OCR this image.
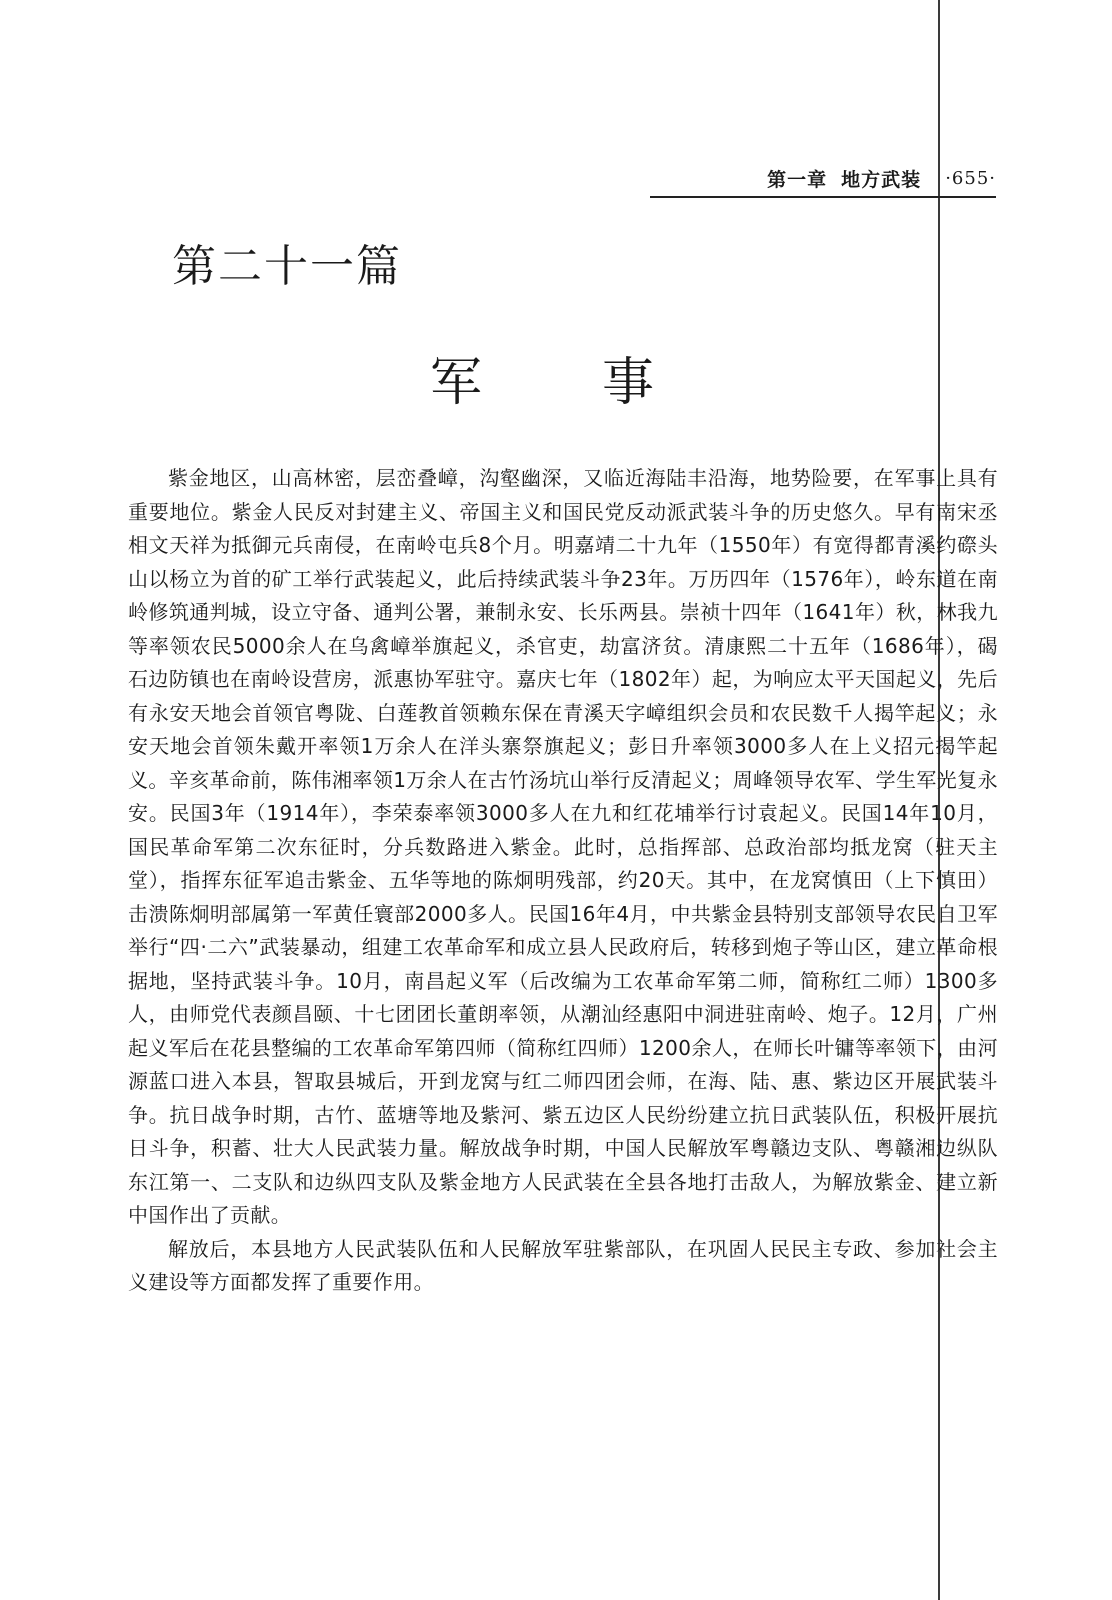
第一章 地方武装 ·655·
第二十一篇
军事

紫金地区，山高林密，层峦叠嶂，沟壑幽深，又临近海陆丰沿海，地势险要，在军事上具有重要地位。紫金人民反对封建主义、帝国主义和国民党反动派武装斗争的历史悠久。早有南宋丞相文天祥为抵御元兵南侵，在南岭屯兵8个月。明嘉靖二十九年（1550年）有宽得都青溪约磜头山以杨立为首的矿工举行武装起义，此后持续武装斗争23年。万历四年（1576年），岭东道在南岭修筑通判城，设立守备、通判公署，兼制永安、长乐两县。崇祯十四年（1641年）秋，林我九等率领农民5000余人在乌禽嶂举旗起义，杀官吏，劫富济贫。清康熙二十五年（1686年），碣石边防镇也在南岭设营房，派惠协军驻守。嘉庆七年（1802年）起，为响应太平天国起义，先后有永安天地会首领官粤陇、白莲教首领赖东保在青溪天字嶂组织会员和农民数千人揭竿起义；永安天地会首领朱戴开率领1万余人在洋头寨祭旗起义；彭日升率领3000多人在上义招元揭竿起义。辛亥革命前，陈伟湘率领1万余人在古竹汤坑山举行反清起义；周峰领导农军、学生军光复永安。民国3年（1914年），李荣泰率领3000多人在九和红花埔举行讨袁起义。民国14年10月，国民革命军第二次东征时，分兵数路进入紫金。此时，总指挥部、总政治部均抵龙窝（驻天主堂），指挥东征军追击紫金、五华等地的陈炯明残部，约20天。其中，在龙窝慎田（上下慎田）击溃陈炯明部属第一军黄任寰部2000多人。民国16年4月，中共紫金县特别支部领导农民自卫军举行“四·二六”武装暴动，组建工农革命军和成立县人民政府后，转移到炮子等山区，建立革命根据地，坚持武装斗争。10月，南昌起义军（后改编为工农革命军第二师，简称红二师）1300多人，由师党代表颜昌颐、十七团团长董朗率领，从潮汕经惠阳中洞进驻南岭、炮子。12月，广州起义军后在花县整编的工农革命军第四师（简称红四师）1200余人，在师长叶镛等率领下，由河源蓝口进入本县，智取县城后，开到龙窝与红二师四团会师，在海、陆、惠、紫边区开展武装斗争。抗日战争时期，古竹、蓝塘等地及紫河、紫五边区人民纷纷建立抗日武装队伍，积极开展抗日斗争，积蓄、壮大人民武装力量。解放战争时期，中国人民解放军粤赣边支队、粤赣湘边纵队东江第一、二支队和边纵四支队及紫金地方人民武装在全县各地打击敌人，为解放紫金、建立新中国作出了贡献。

解放后，本县地方人民武装队伍和人民解放军驻紫部队，在巩固人民民主专政、参加社会主义建设等方面都发挥了重要作用。
